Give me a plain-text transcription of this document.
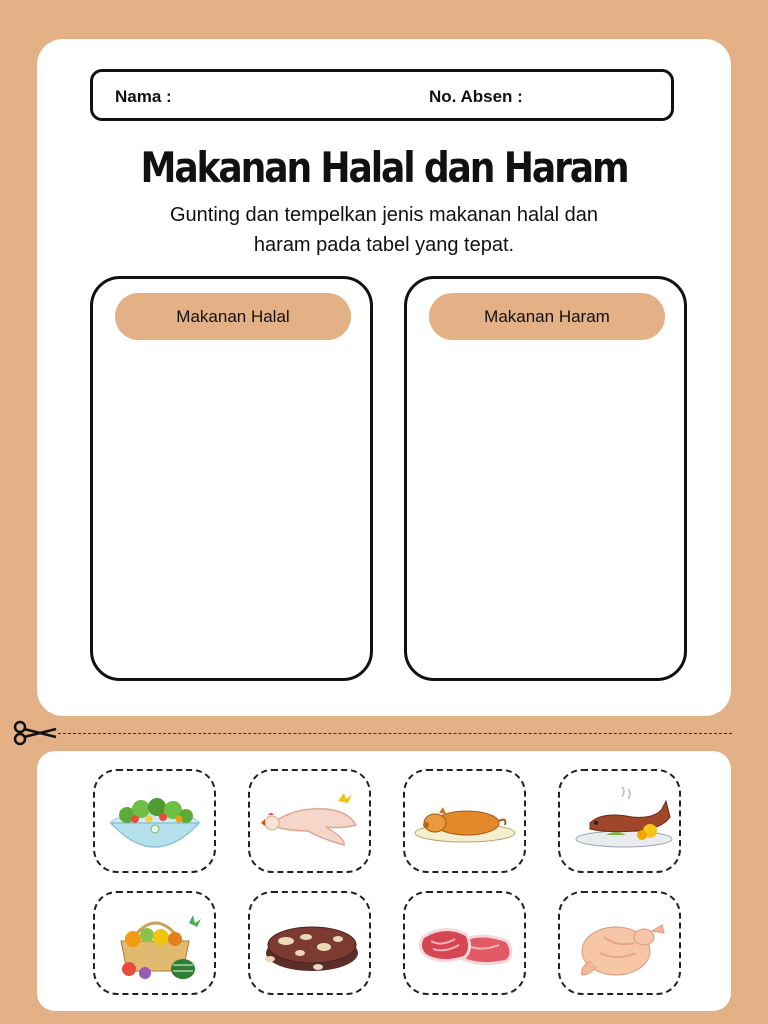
Nama :	No. Absen :
Makanan Halal dan Haram
Gunting dan tempelkan jenis makanan halal dan
haram pada tabel yang tepat.
Makanan Halal	Makanan Haram
